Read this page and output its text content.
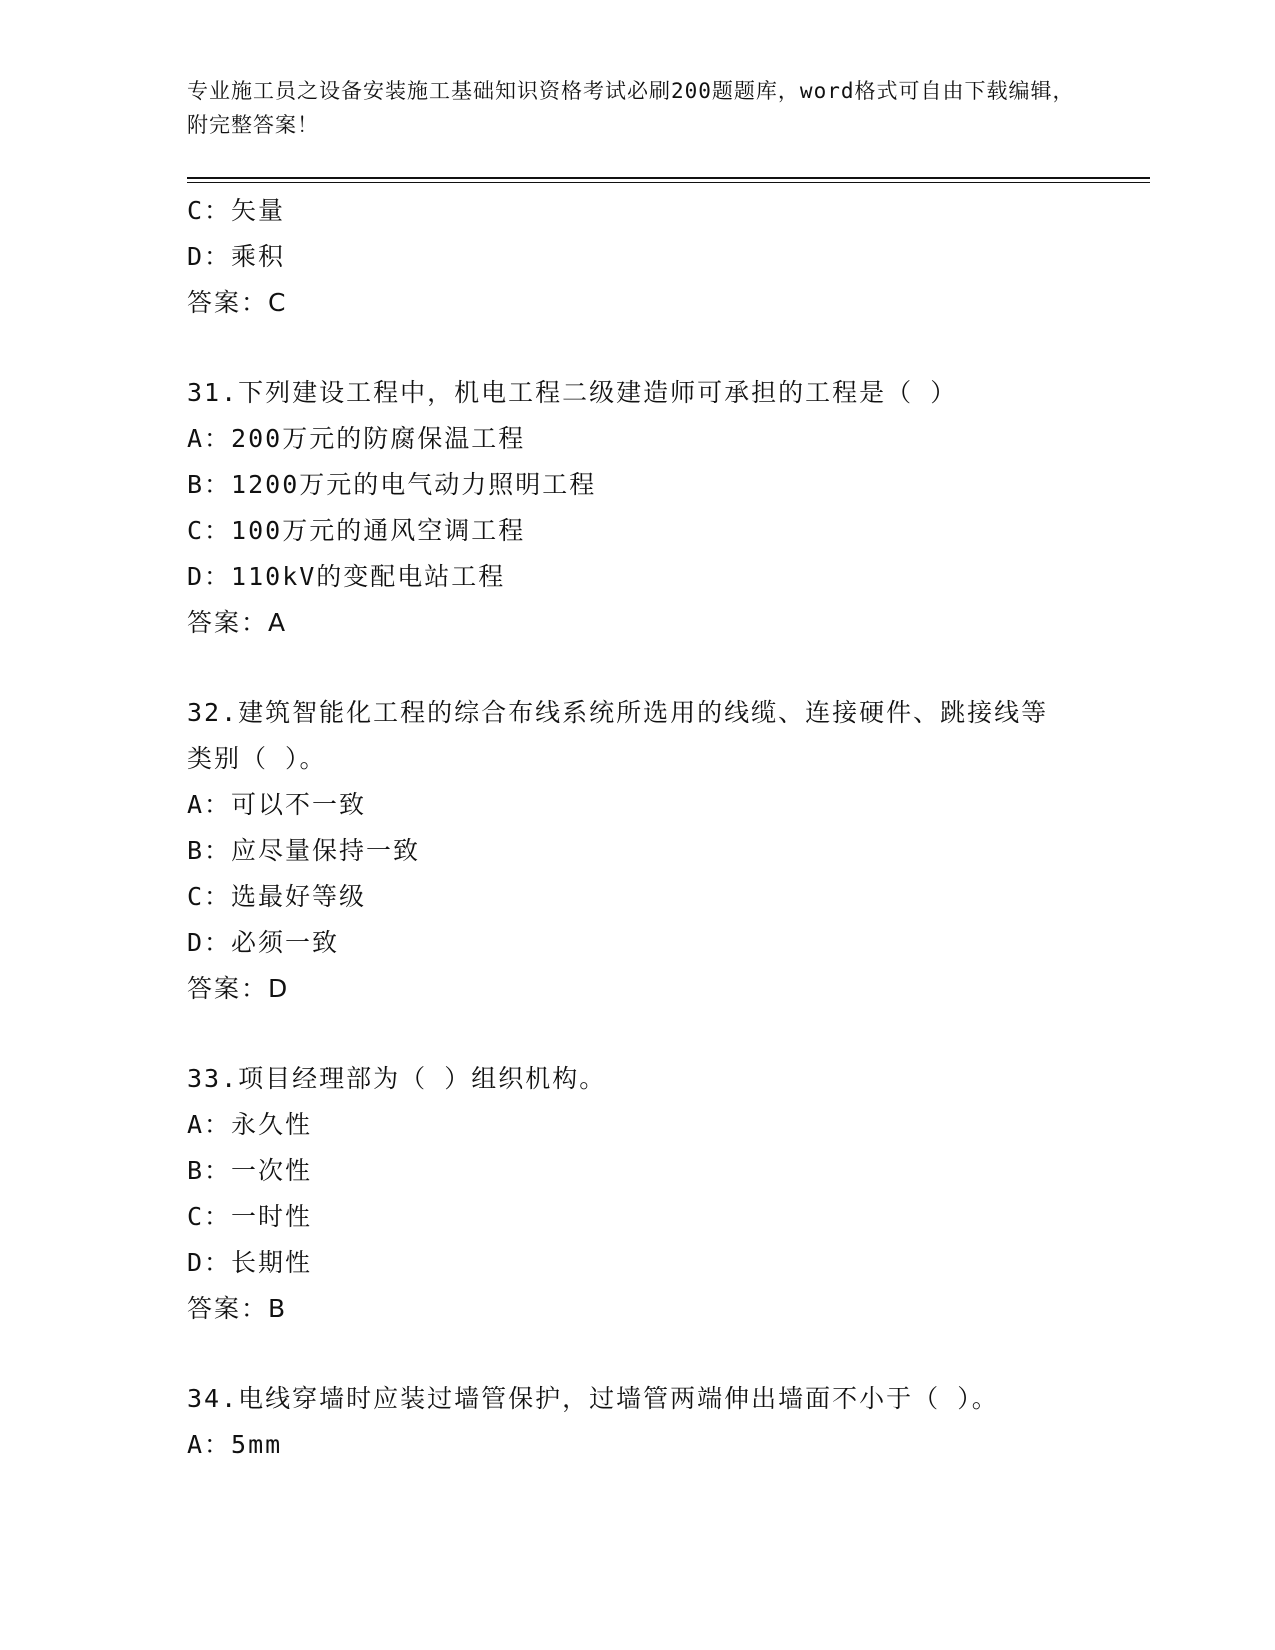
专业施工员之设备安装施工基础知识资格考试必刷200题题库，word格式可自由下载编辑，附完整答案！
C：矢量
D：乘积
答案：C
31.下列建设工程中，机电工程二级建造师可承担的工程是（ ）
A：200万元的防腐保温工程
B：1200万元的电气动力照明工程
C：100万元的通风空调工程
D：110kV的变配电站工程
答案：A
32.建筑智能化工程的综合布线系统所选用的线缆、连接硬件、跳接线等类别（ ）。
A：可以不一致
B：应尽量保持一致
C：选最好等级
D：必须一致
答案：D
33.项目经理部为（ ）组织机构。
A：永久性
B：一次性
C：一时性
D：长期性
答案：B
34.电线穿墙时应装过墙管保护，过墙管两端伸出墙面不小于（ ）。
A：5mm
